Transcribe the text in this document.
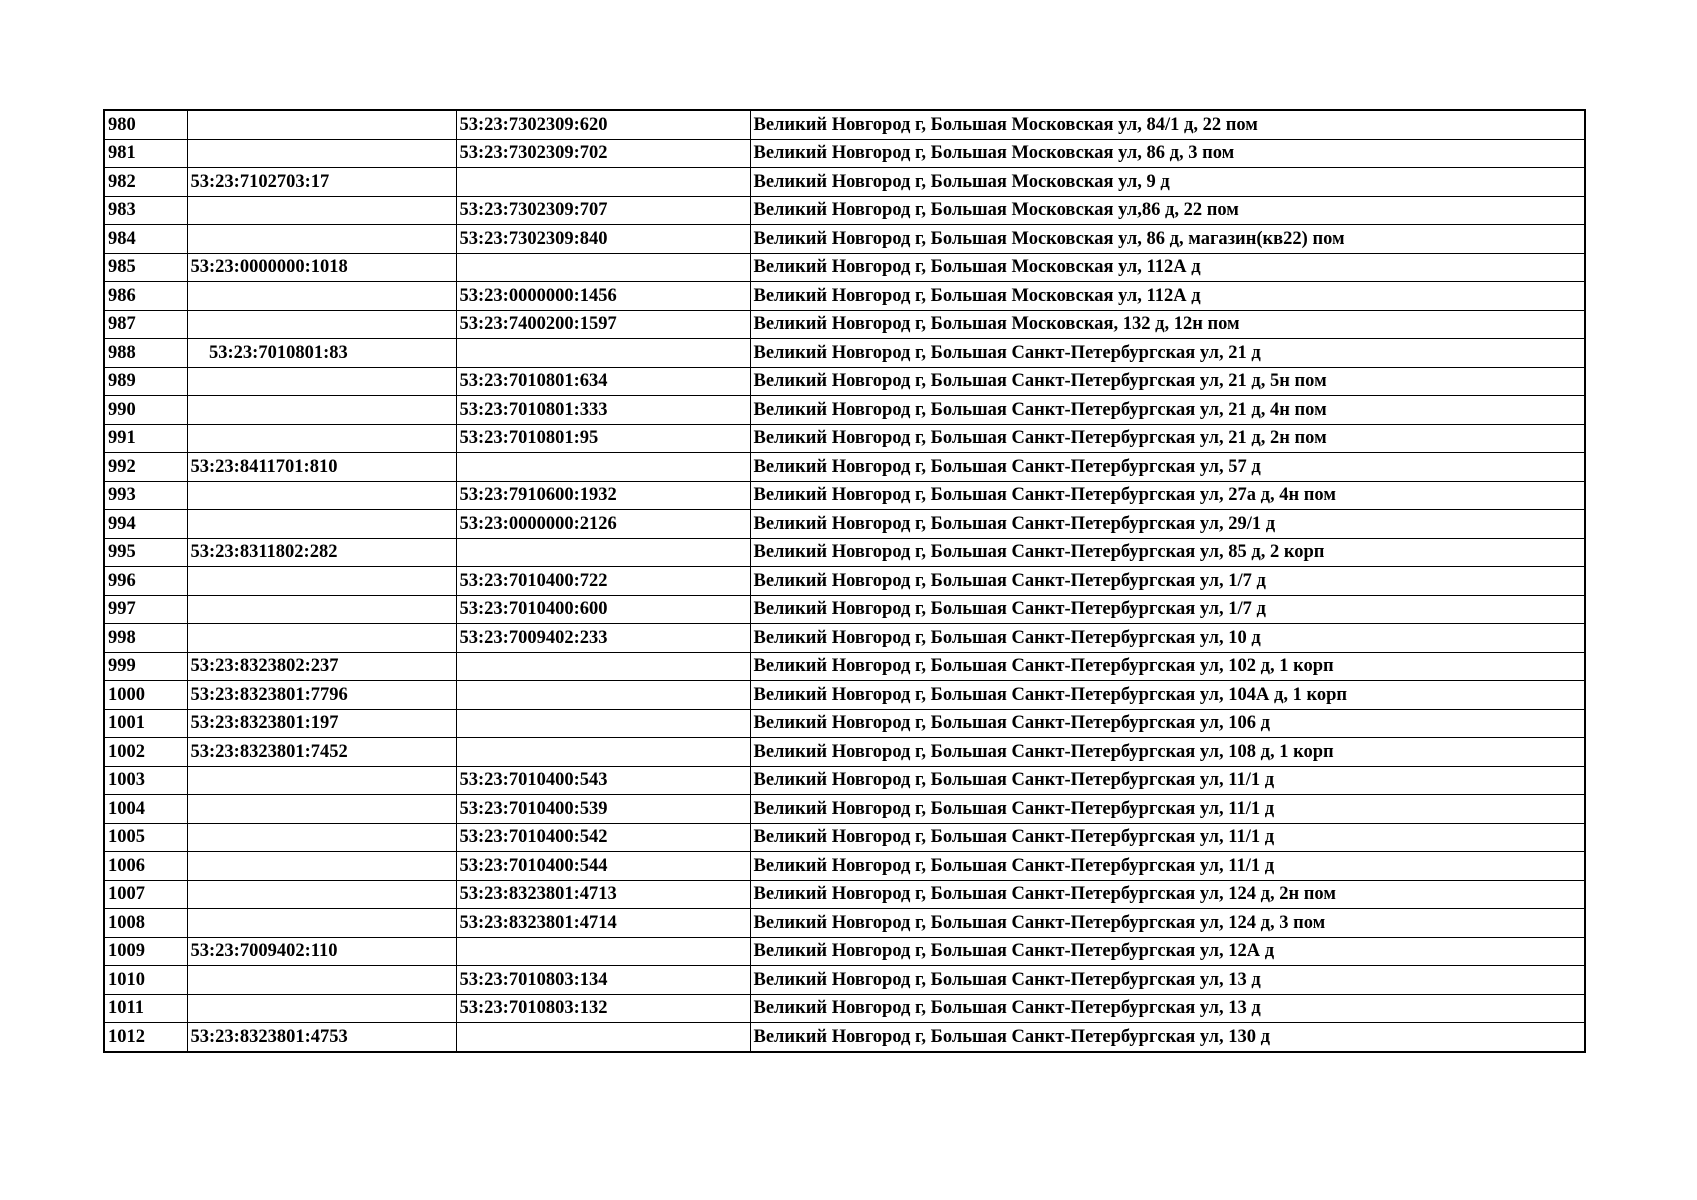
980		53:23:7302309:620	Великий Новгород г, Большая Московская ул, 84/1 д, 22 пом
981		53:23:7302309:702	Великий Новгород г, Большая Московская ул, 86 д, 3 пом
982	53:23:7102703:17		Великий Новгород г, Большая Московская ул, 9 д
983		53:23:7302309:707	Великий Новгород г, Большая Московская ул,86 д, 22 пом
984		53:23:7302309:840	Великий Новгород г, Большая Московская ул, 86 д, магазин(кв22) пом
985	53:23:0000000:1018		Великий Новгород г, Большая Московская ул, 112А д
986		53:23:0000000:1456	Великий Новгород г, Большая Московская ул, 112А д
987		53:23:7400200:1597	Великий Новгород г, Большая Московская, 132 д, 12н пом
988	53:23:7010801:83		Великий Новгород г, Большая Санкт-Петербургская ул, 21 д
989		53:23:7010801:634	Великий Новгород г, Большая Санкт-Петербургская ул, 21 д, 5н пом
990		53:23:7010801:333	Великий Новгород г, Большая Санкт-Петербургская ул, 21 д, 4н пом
991		53:23:7010801:95	Великий Новгород г, Большая Санкт-Петербургская ул, 21 д, 2н пом
992	53:23:8411701:810		Великий Новгород г, Большая Санкт-Петербургская ул, 57 д
993		53:23:7910600:1932	Великий Новгород г, Большая Санкт-Петербургская ул, 27а д, 4н пом
994		53:23:0000000:2126	Великий Новгород г, Большая Санкт-Петербургская ул, 29/1 д
995	53:23:8311802:282		Великий Новгород г, Большая Санкт-Петербургская ул, 85 д, 2 корп
996		53:23:7010400:722	Великий Новгород г, Большая Санкт-Петербургская ул, 1/7 д
997		53:23:7010400:600	Великий Новгород г, Большая Санкт-Петербургская ул, 1/7 д
998		53:23:7009402:233	Великий Новгород г, Большая Санкт-Петербургская ул, 10 д
999	53:23:8323802:237		Великий Новгород г, Большая Санкт-Петербургская ул, 102 д, 1 корп
1000	53:23:8323801:7796		Великий Новгород г, Большая Санкт-Петербургская ул, 104А д, 1 корп
1001	53:23:8323801:197		Великий Новгород г, Большая Санкт-Петербургская ул, 106 д
1002	53:23:8323801:7452		Великий Новгород г, Большая Санкт-Петербургская ул, 108 д, 1 корп
1003		53:23:7010400:543	Великий Новгород г, Большая Санкт-Петербургская ул, 11/1 д
1004		53:23:7010400:539	Великий Новгород г, Большая Санкт-Петербургская ул, 11/1 д
1005		53:23:7010400:542	Великий Новгород г, Большая Санкт-Петербургская ул, 11/1 д
1006		53:23:7010400:544	Великий Новгород г, Большая Санкт-Петербургская ул, 11/1 д
1007		53:23:8323801:4713	Великий Новгород г, Большая Санкт-Петербургская ул, 124 д, 2н пом
1008		53:23:8323801:4714	Великий Новгород г, Большая Санкт-Петербургская ул, 124 д, 3 пом
1009	53:23:7009402:110		Великий Новгород г, Большая Санкт-Петербургская ул, 12А д
1010		53:23:7010803:134	Великий Новгород г, Большая Санкт-Петербургская ул, 13 д
1011		53:23:7010803:132	Великий Новгород г, Большая Санкт-Петербургская ул, 13 д
1012	53:23:8323801:4753		Великий Новгород г, Большая Санкт-Петербургская ул, 130 д
